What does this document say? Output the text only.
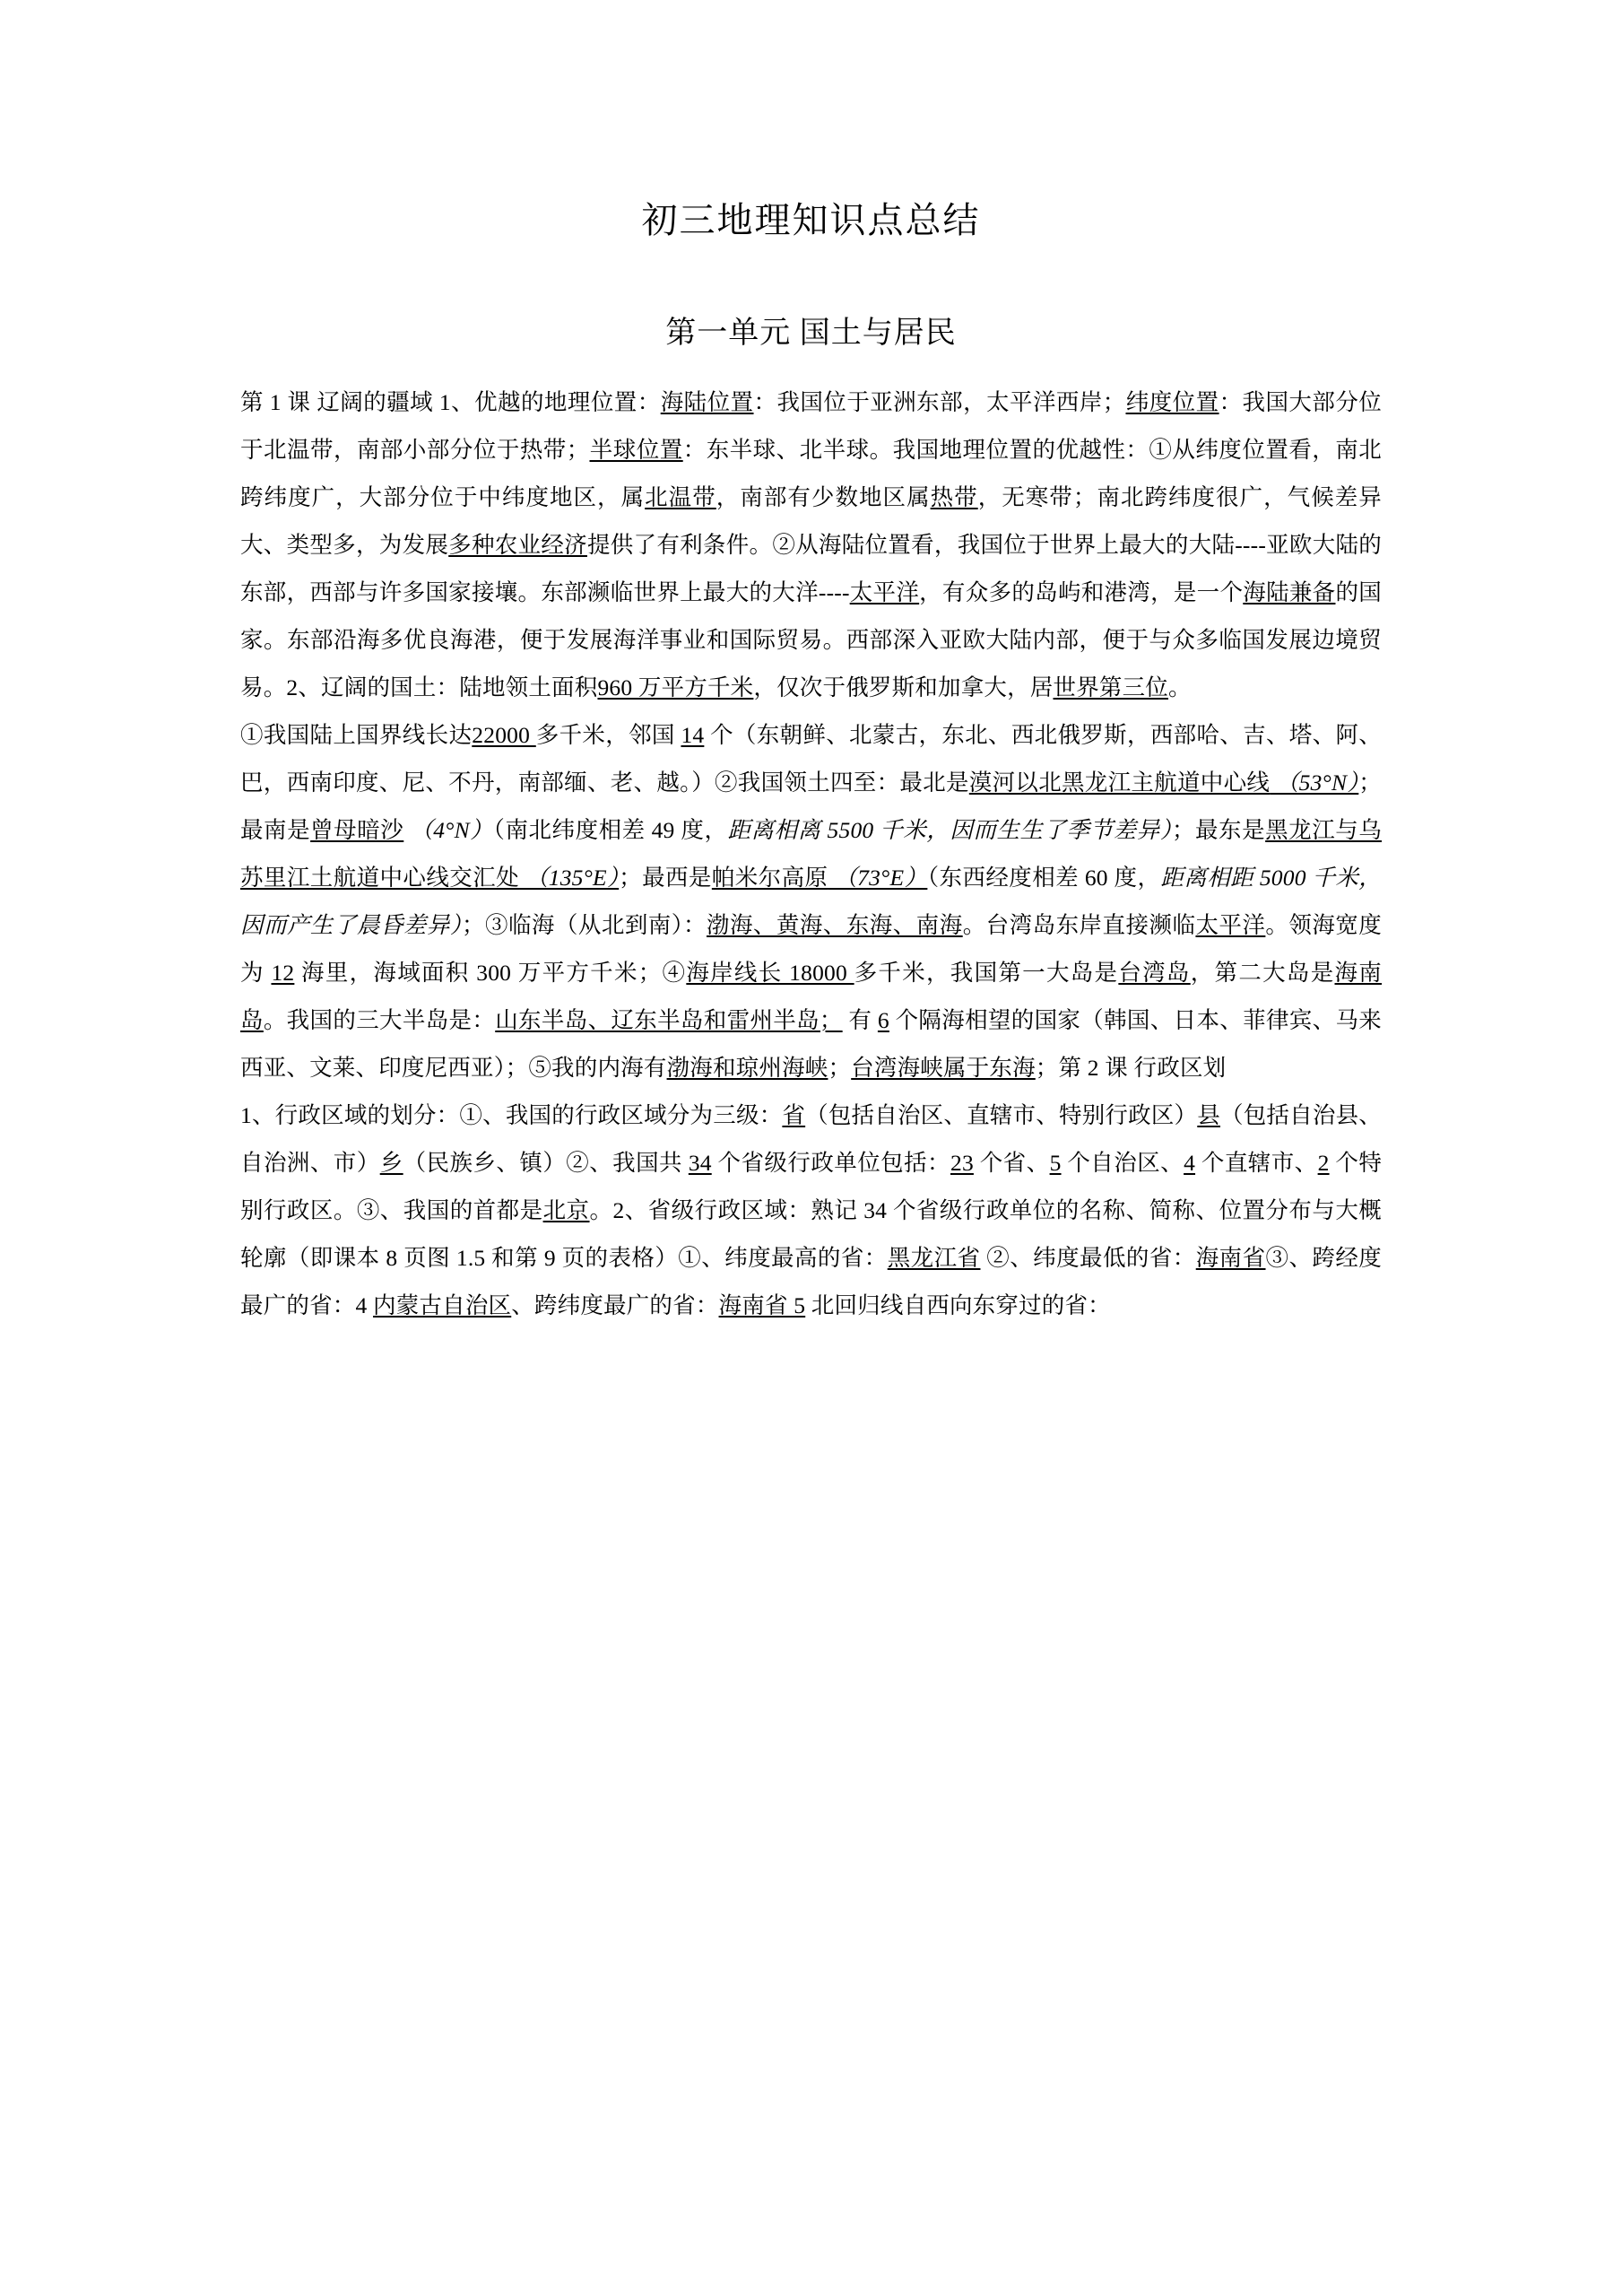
初三地理知识点总结
第一单元 国土与居民

第 1 课 辽阔的疆域 1、优越的地理位置：海陆位置：我国位于亚洲东部，太平洋西岸；纬度位置：我国大部分位于北温带，南部小部分位于热带；半球位置：东半球、北半球。我国地理位置的优越性：①从纬度位置看，南北跨纬度广，大部分位于中纬度地区，属北温带，南部有少数地区属热带，无寒带；南北跨纬度很广，气候差异大、类型多，为发展多种农业经济提供了有利条件。②从海陆位置看，我国位于世界上最大的大陆----亚欧大陆的东部，西部与许多国家接壤。东部濒临世界上最大的大洋----太平洋，有众多的岛屿和港湾，是一个海陆兼备的国家。东部沿海多优良海港，便于发展海洋事业和国际贸易。西部深入亚欧大陆内部，便于与众多临国发展边境贸易。2、辽阔的国土：陆地领土面积960 万平方千米，仅次于俄罗斯和加拿大，居世界第三位。

①我国陆上国界线长达22000 多千米，邻国 14 个（东朝鲜、北蒙古，东北、西北俄罗斯，西部哈、吉、塔、阿、巴，西南印度、尼、不丹，南部缅、老、越。）②我国领土四至：最北是漠河以北黑龙江主航道中心线 （53°N）；最南是曾母暗沙 （4°N）（南北纬度相差 49 度，距离相离 5500 千米，因而生生了季节差异）；最东是黑龙江与乌苏里江土航道中心线交汇处 （135°E）；最西是帕米尔高原 （73°E）（东西经度相差 60 度，距离相距 5000 千米，因而产生了晨昏差异）；③临海（从北到南）：渤海、黄海、东海、南海。台湾岛东岸直接濒临太平洋。领海宽度为 12 海里，海域面积 300 万平方千米；④海岸线长 18000 多千米，我国第一大岛是台湾岛，第二大岛是海南岛。我国的三大半岛是：山东半岛、辽东半岛和雷州半岛； 有 6 个隔海相望的国家（韩国、日本、菲律宾、马来西亚、文莱、印度尼西亚）；⑤我的内海有渤海和琼州海峡；台湾海峡属于东海；第 2 课 行政区划

1、行政区域的划分：①、我国的行政区域分为三级：省（包括自治区、直辖市、特别行政区）县（包括自治县、自治洲、市）乡（民族乡、镇）②、我国共 34 个省级行政单位包括：23 个省、5 个自治区、4 个直辖市、2 个特别行政区。③、我国的首都是北京。2、省级行政区域：熟记 34 个省级行政单位的名称、简称、位置分布与大概轮廓（即课本 8 页图 1.5 和第 9 页的表格）①、纬度最高的省：黑龙江省 ②、纬度最低的省：海南省③、跨经度最广的省：4 内蒙古自治区、跨纬度最广的省：海南省 5 北回归线自西向东穿过的省：
